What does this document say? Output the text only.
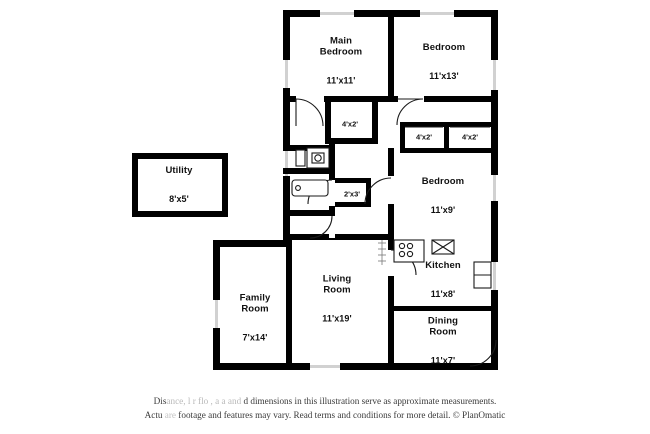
Main
Bedroom

11'x11'

Bedroom

11'x13'

Bedroom

11'x9'

Utility

8'x5'

Kitchen

11'x8'

Dining
Room

11'x7'

Living
Room

11'x19'

Family
Room

7'x14'

4'x2'
4'x2'	4'x2'
2'x3'
Disance, l r flo , a a and d dimensions in this illustration serve as approximate measurements.
Actu are footage and features may vary. Read terms and conditions for more detail. © PlanOmatic
